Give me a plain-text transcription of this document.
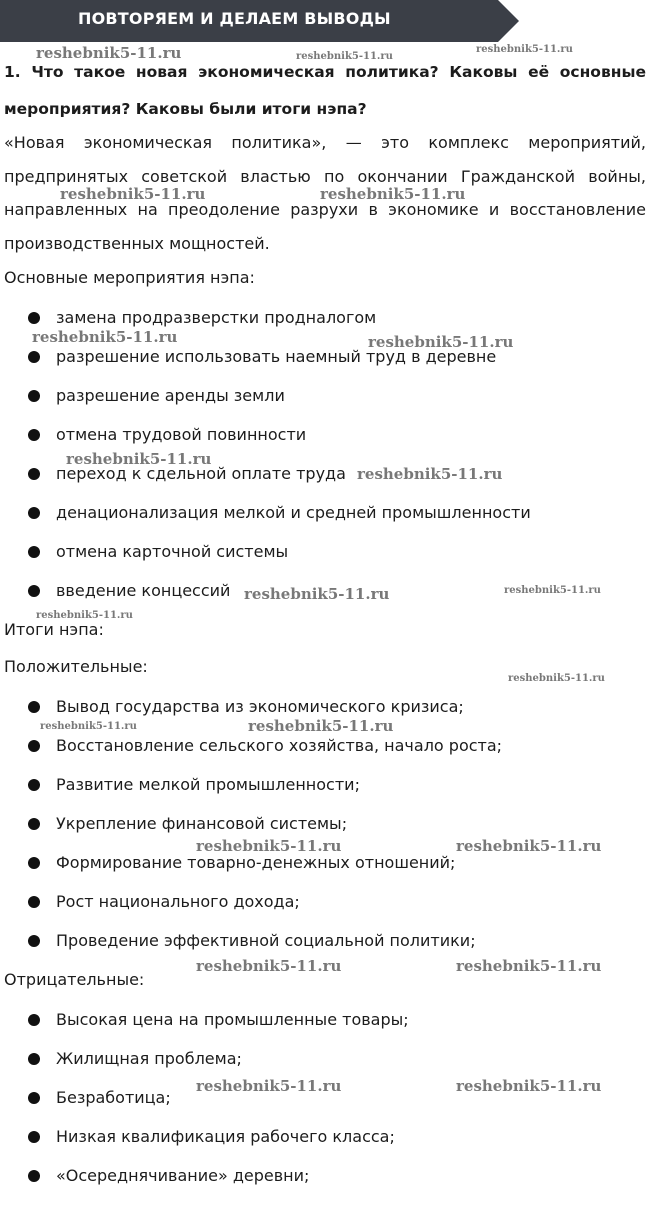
ПОВТОРЯЕМ И ДЕЛАЕМ ВЫВОДЫ
1. Что такое новая экономическая политика? Каковы её основные мероприятия? Каковы были итоги нэпа?
«Новая экономическая политика», — это комплекс мероприятий, предпринятых советской властью по окончании Гражданской войны, направленных на преодоление разрухи в экономике и восстановление производственных мощностей.
Основные мероприятия нэпа:
замена продразверстки продналогом
разрешение использовать наемный труд в деревне
разрешение аренды земли
отмена трудовой повинности
переход к сдельной оплате труда
денационализация мелкой и средней промышленности
отмена карточной системы
введение концессий
Итоги нэпа:
Положительные:
Вывод государства из экономического кризиса;
Восстановление сельского хозяйства, начало роста;
Развитие мелкой промышленности;
Укрепление финансовой системы;
Формирование товарно-денежных отношений;
Рост национального дохода;
Проведение эффективной социальной политики;
Отрицательные:
Высокая цена на промышленные товары;
Жилищная проблема;
Безработица;
Низкая квалификация рабочего класса;
«Осереднячивание» деревни;
reshebnik5-11.ru	reshebnik5-11.ru
reshebnik5-11.ru
reshebnik5-11.ru	reshebnik5-11.ru
reshebnik5-11.ru	reshebnik5-11.ru
reshebnik5-11.ru
reshebnik5-11.ru
reshebnik5-11.ru	reshebnik5-11.ru
reshebnik5-11.ru
reshebnik5-11.ru
reshebnik5-11.ru	reshebnik5-11.ru
reshebnik5-11.ru	reshebnik5-11.ru
reshebnik5-11.ru	reshebnik5-11.ru
reshebnik5-11.ru	reshebnik5-11.ru
